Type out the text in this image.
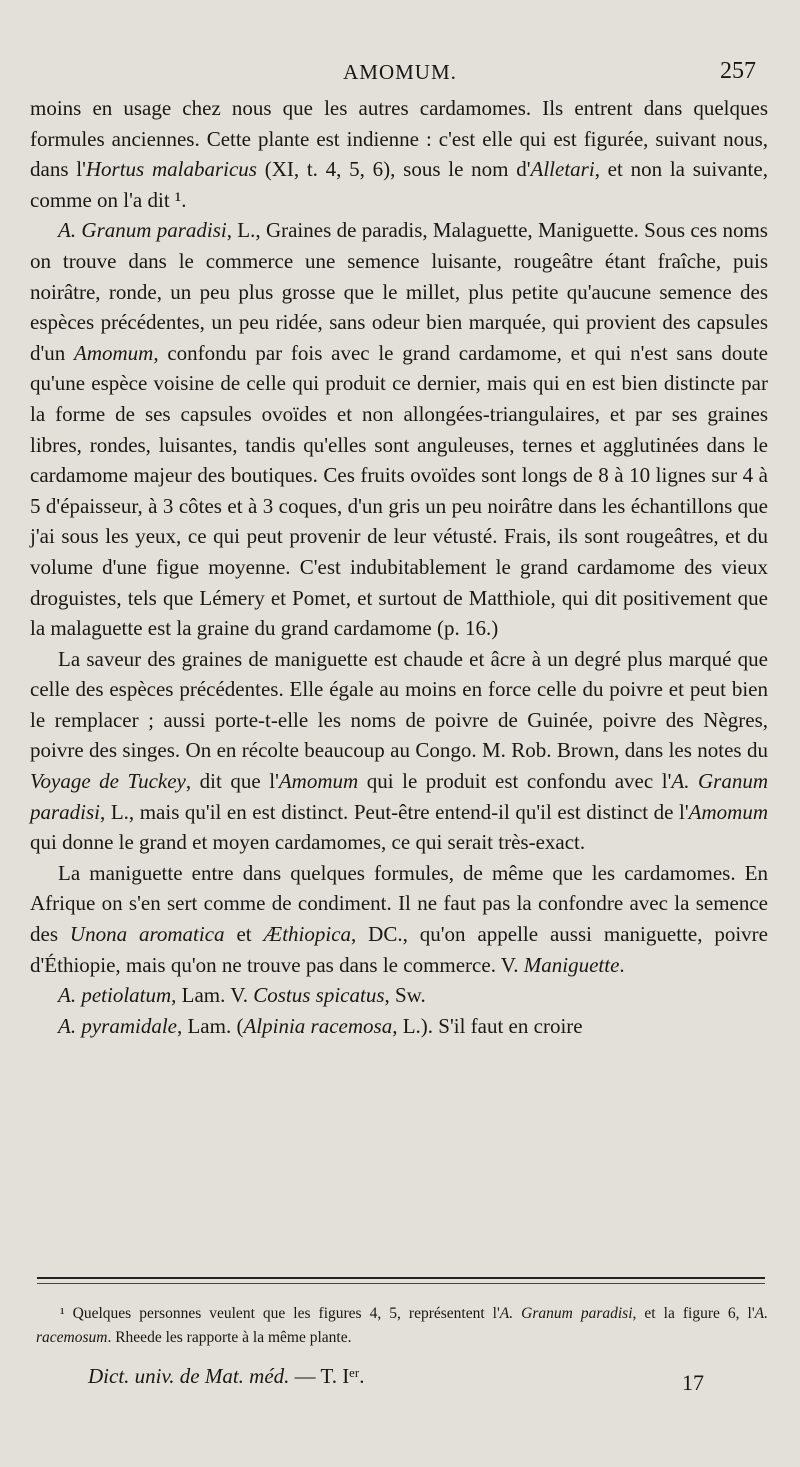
AMOMUM.	257

moins en usage chez nous que les autres cardamomes. Ils entrent dans quelques formules anciennes. Cette plante est indienne : c'est elle qui est figurée, suivant nous, dans l'Hortus malabaricus (XI, t. 4, 5, 6), sous le nom d'Alletari, et non la suivante, comme on l'a dit ¹.

A. Granum paradisi, L., Graines de paradis, Malaguette, Maniguette. Sous ces noms on trouve dans le commerce une semence luisante, rougeâtre étant fraîche, puis noirâtre, ronde, un peu plus grosse que le millet, plus petite qu'aucune semence des espèces précédentes, un peu ridée, sans odeur bien marquée, qui provient des capsules d'un Amomum, confondu par fois avec le grand cardamome, et qui n'est sans doute qu'une espèce voisine de celle qui produit ce dernier, mais qui en est bien distincte par la forme de ses capsules ovoïdes et non allongées-triangulaires, et par ses graines libres, rondes, luisantes, tandis qu'elles sont anguleuses, ternes et agglutinées dans le cardamome majeur des boutiques. Ces fruits ovoïdes sont longs de 8 à 10 lignes sur 4 à 5 d'épaisseur, à 3 côtes et à 3 coques, d'un gris un peu noirâtre dans les échantillons que j'ai sous les yeux, ce qui peut provenir de leur vétusté. Frais, ils sont rougeâtres, et du volume d'une figue moyenne. C'est indubitablement le grand cardamome des vieux droguistes, tels que Lémery et Pomet, et surtout de Matthiole, qui dit positivement que la malaguette est la graine du grand cardamome (p. 16.)

La saveur des graines de maniguette est chaude et âcre à un degré plus marqué que celle des espèces précédentes. Elle égale au moins en force celle du poivre et peut bien le remplacer ; aussi porte-t-elle les noms de poivre de Guinée, poivre des Nègres, poivre des singes. On en récolte beaucoup au Congo. M. Rob. Brown, dans les notes du Voyage de Tuckey, dit que l'Amomum qui le produit est confondu avec l'A. Granum paradisi, L., mais qu'il en est distinct. Peut-être entend-il qu'il est distinct de l'Amomum qui donne le grand et moyen cardamomes, ce qui serait très-exact.

La maniguette entre dans quelques formules, de même que les cardamomes. En Afrique on s'en sert comme de condiment. Il ne faut pas la confondre avec la semence des Unona aromatica et Æthiopica, DC., qu'on appelle aussi maniguette, poivre d'Éthiopie, mais qu'on ne trouve pas dans le commerce. V. Maniguette.

A. petiolatum, Lam. V. Costus spicatus, Sw.

A. pyramidale, Lam. (Alpinia racemosa, L.). S'il faut en croire

¹ Quelques personnes veulent que les figures 4, 5, représentent l'A. Granum paradisi, et la figure 6, l'A. racemosum. Rheede les rapporte à la même plante.
Dict. univ. de Mat. méd. — T. Iᵉʳ.	17
